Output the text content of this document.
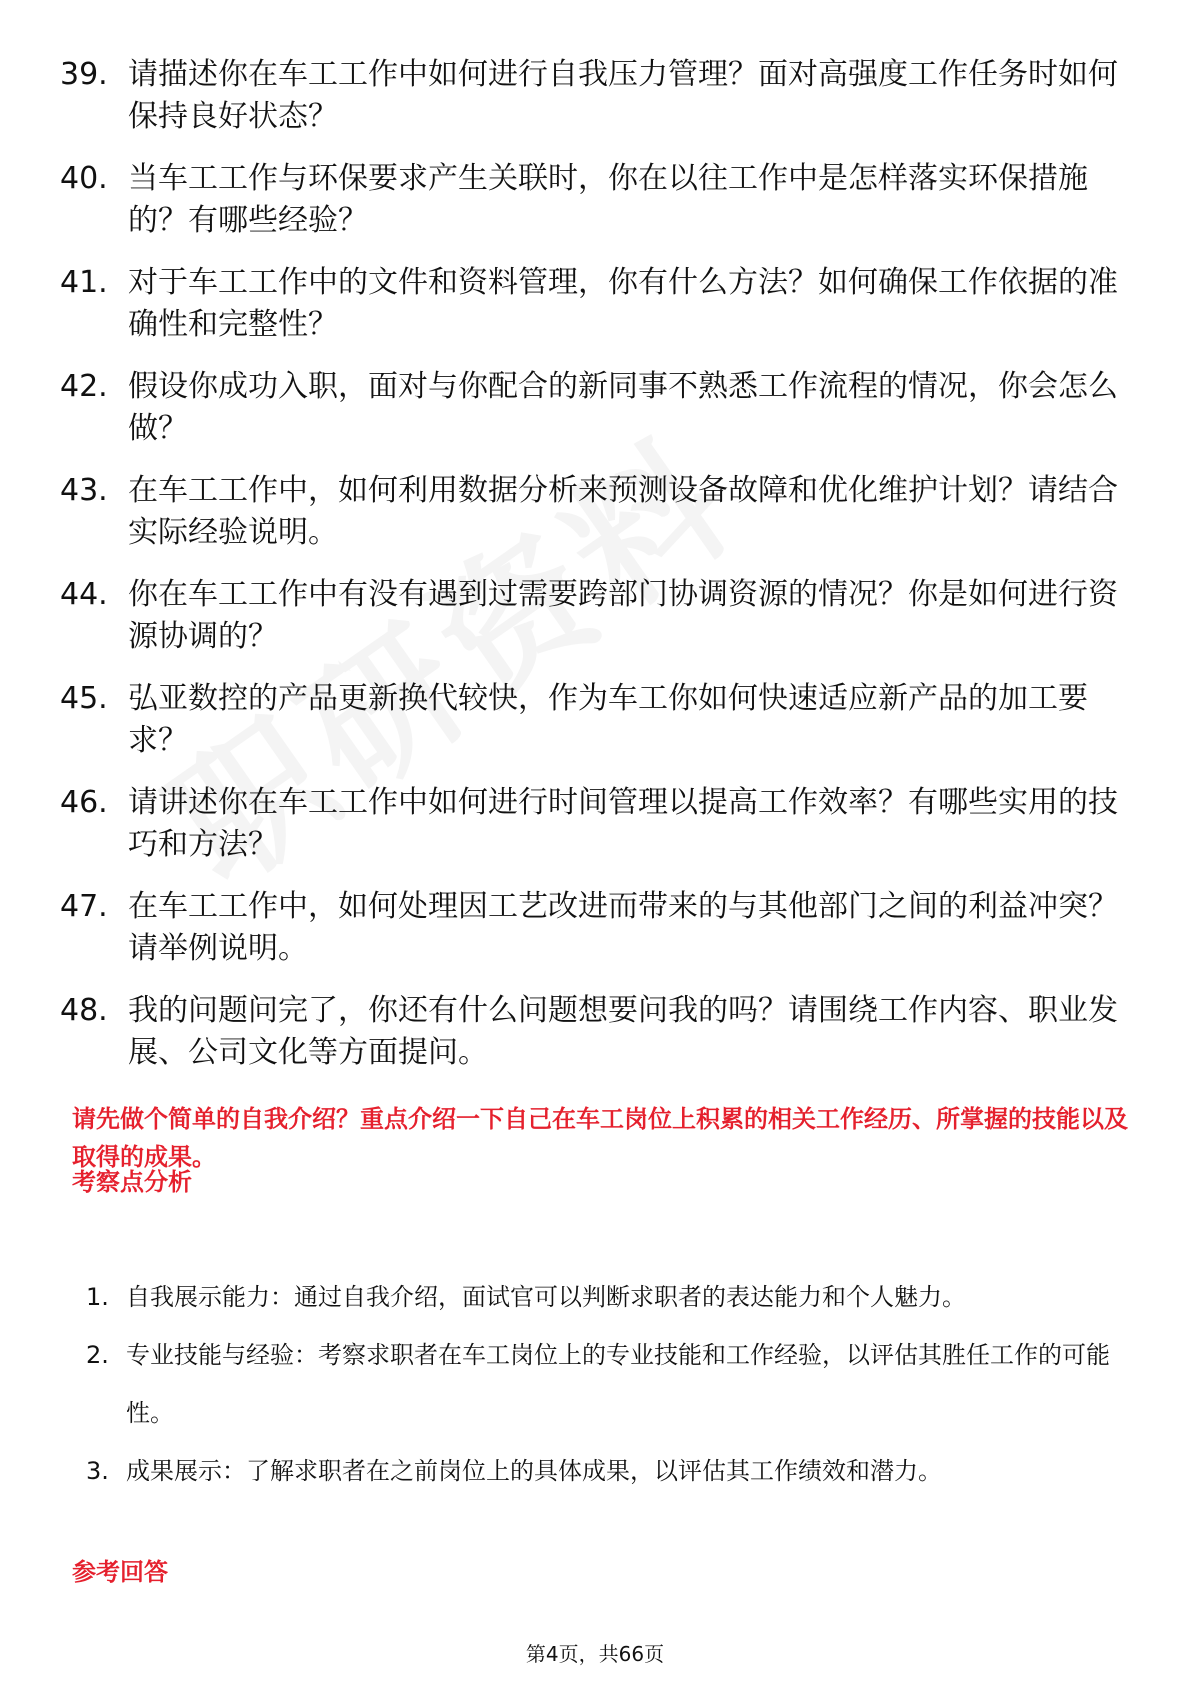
39. 请描述你在车工工作中如何进行自我压力管理？面对高强度工作任务时如何保持良好状态？
40. 当车工工作与环保要求产生关联时，你在以往工作中是怎样落实环保措施的？有哪些经验？
41. 对于车工工作中的文件和资料管理，你有什么方法？如何确保工作依据的准确性和完整性？
42. 假设你成功入职，面对与你配合的新同事不熟悉工作流程的情况，你会怎么做？
43. 在车工工作中，如何利用数据分析来预测设备故障和优化维护计划？请结合实际经验说明。
44. 你在车工工作中有没有遇到过需要跨部门协调资源的情况？你是如何进行资源协调的？
45. 弘亚数控的产品更新换代较快，作为车工你如何快速适应新产品的加工要求？
46. 请讲述你在车工工作中如何进行时间管理以提高工作效率？有哪些实用的技巧和方法？
47. 在车工工作中，如何处理因工艺改进而带来的与其他部门之间的利益冲突？请举例说明。
48. 我的问题问完了，你还有什么问题想要问我的吗？请围绕工作内容、职业发展、公司文化等方面提问。
请先做个简单的自我介绍？重点介绍一下自己在车工岗位上积累的相关工作经历、所掌握的技能以及取得的成果。
考察点分析
1. 自我展示能力：通过自我介绍，面试官可以判断求职者的表达能力和个人魅力。
2. 专业技能与经验：考察求职者在车工岗位上的专业技能和工作经验，以评估其胜任工作的可能性。
3. 成果展示：了解求职者在之前岗位上的具体成果，以评估其工作绩效和潜力。
参考回答
第4页，共66页
